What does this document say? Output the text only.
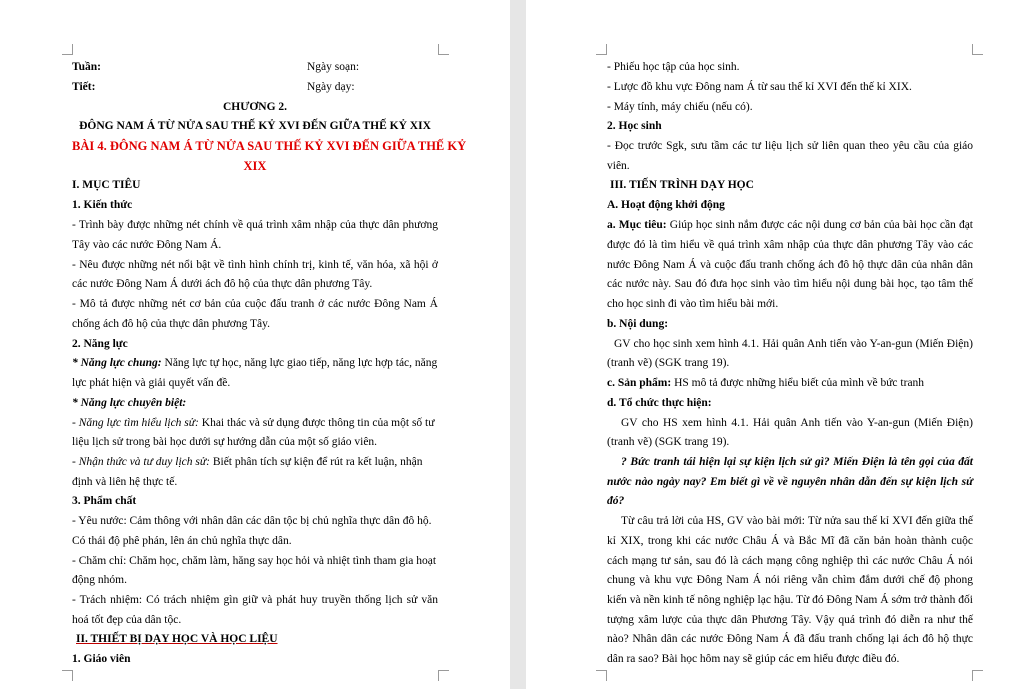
Tuần:	Ngày soạn:
Tiết:	Ngày dạy:
CHƯƠNG 2.
ĐÔNG NAM Á TỪ NỬA SAU THẾ KỶ XVI ĐẾN GIỮA THẾ KỶ XIX
BÀI 4. ĐÔNG NAM Á TỪ NỬA SAU THẾ KỶ XVI ĐẾN GIỮA THẾ KỶ
XIX
I. MỤC TIÊU
1. Kiến thức
- Trình bày được những nét chính về quá trình xâm nhập của thực dân phương
Tây vào các nước Đông Nam Á.
- Nêu được những nét nổi bật về tình hình chính trị, kinh tế, văn hóa, xã hội ở
các nước Đông Nam Á dưới ách đô hộ của thực dân phương Tây.
- Mô tả được những nét cơ bản của cuộc đấu tranh ở các nước Đông Nam Á
chống ách đô hộ của thực dân phương Tây.
2. Năng lực
* Năng lực chung: Năng lực tự học, năng lực giao tiếp, năng lực hợp tác, năng
lực phát hiện và giải quyết vấn đề.
* Năng lực chuyên biệt:
- Năng lực tìm hiểu lịch sử: Khai thác và sử dụng được thông tin của một số tư
liệu lịch sử trong bài học dưới sự hướng dẫn của một số giáo viên.
- Nhận thức và tư duy lịch sử: Biết phân tích sự kiện để rút ra kết luận, nhận
định và liên hệ thực tế.
3. Phẩm chất
- Yêu nước: Cảm thông với nhân dân các dân tộc bị chủ nghĩa thực dân đô hộ.
Có thái độ phê phán, lên án chủ nghĩa thực dân.
- Chăm chỉ: Chăm học, chăm làm, hăng say học hỏi và nhiệt tình tham gia hoạt
động nhóm.
- Trách nhiệm: Có trách nhiệm gìn giữ và phát huy truyền thống lịch sử văn
hoá tốt đẹp của dân tộc.
II. THIẾT BỊ DẠY HỌC VÀ HỌC LIỆU
1. Giáo viên
- Phiếu học tập của học sinh.
- Lược đồ khu vực Đông nam Á từ sau thế kỉ XVI đến thế kỉ XIX.
- Máy tính, máy chiếu (nếu có).
2. Học sinh
- Đọc trước Sgk, sưu tầm các tư liệu lịch sử liên quan theo yêu cầu của giáo
viên.
III. TIẾN TRÌNH DẠY HỌC
A. Hoạt động khởi động
a. Mục tiêu: Giúp học sinh nắm được các nội dung cơ bản của bài học cần đạt
được đó là tìm hiểu về quá trình xâm nhập của thực dân phương Tây vào các
nước Đông Nam Á và cuộc đấu tranh chống ách đô hộ thực dân của nhân dân
các nước này. Sau đó đưa học sinh vào tìm hiểu nội dung bài học, tạo tâm thế
cho học sinh đi vào tìm hiểu bài mới.
b. Nội dung:
GV cho học sinh xem hình 4.1. Hải quân Anh tiến vào Y-an-gun (Miến Điện)
(tranh vẽ) (SGK trang 19).
c. Sản phẩm: HS mô tả được những hiểu biết của mình về bức tranh
d. Tổ chức thực hiện:
GV cho HS xem hình 4.1. Hải quân Anh tiến vào Y-an-gun (Miến Điện)
(tranh vẽ) (SGK trang 19).
? Bức tranh tái hiện lại sự kiện lịch sử gì? Miến Điện là tên gọi của đất
nước nào ngày nay? Em biết gì về về nguyên nhân dẫn đến sự kiện lịch sử
đó?
Từ câu trả lời của HS, GV vào bài mới: Từ nửa sau thế kỉ XVI đến giữa thế
kỉ XIX, trong khi các nước Châu Á và Bắc Mĩ đã căn bản hoàn thành cuộc
cách mạng tư sản, sau đó là cách mạng công nghiệp thì các nước Châu Á nói
chung và khu vực Đông Nam Á nói riêng vẫn chìm đắm dưới chế độ phong
kiến và nền kinh tế nông nghiệp lạc hậu. Từ đó Đông Nam Á sớm trở thành đối
tượng xâm lược của thực dân Phương Tây. Vậy quá trình đó diễn ra như thế
nào? Nhân dân các nước Đông Nam Á đã đấu tranh chống lại ách đô hộ thực
dân ra sao? Bài học hôm nay sẽ giúp các em hiểu được điều đó.
